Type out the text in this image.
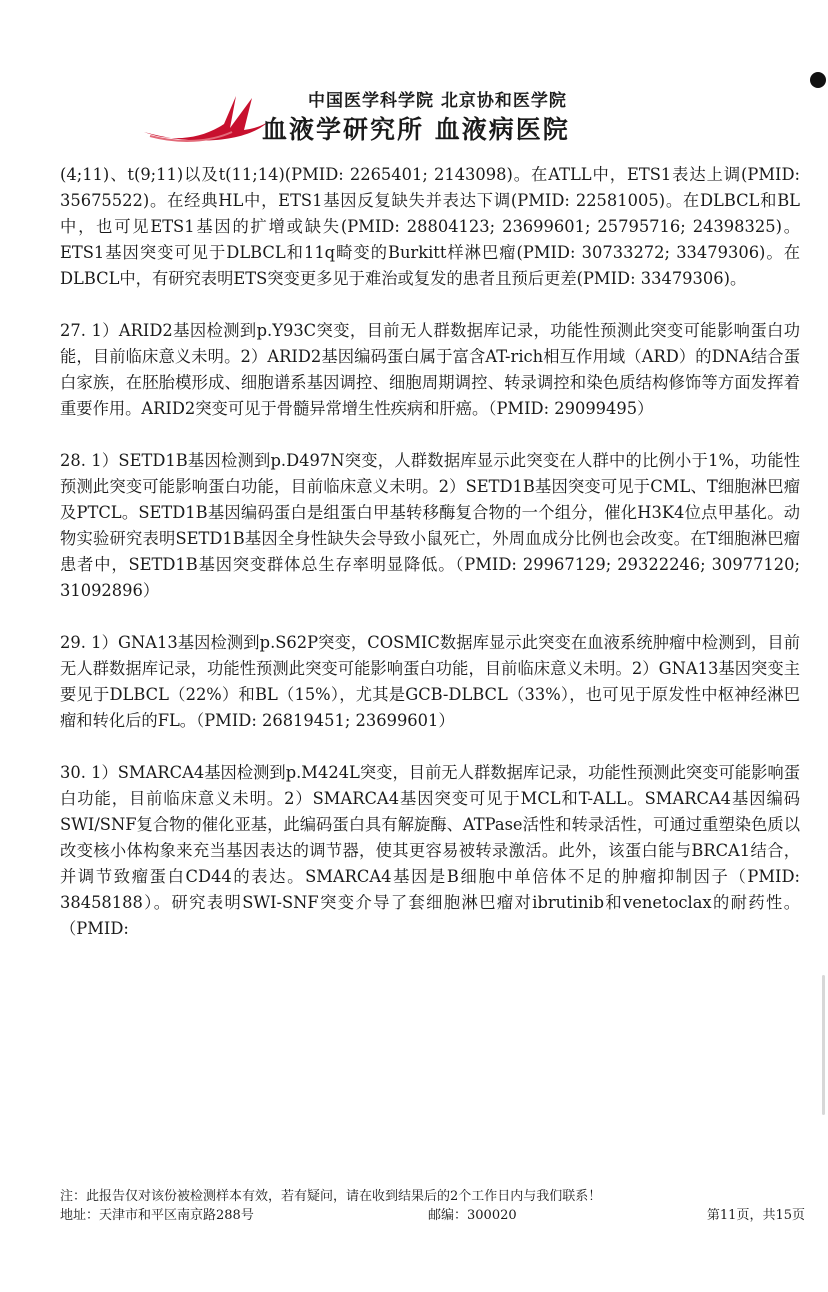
中国医学科学院 北京协和医学院
血液学研究所 血液病医院

(4;11)、t(9;11)以及t(11;14)(PMID: 2265401; 2143098)。在ATLL中，ETS1表达上调(PMID: 35675522)。在经典HL中，ETS1基因反复缺失并表达下调(PMID: 22581005)。在DLBCL和BL中，也可见ETS1基因的扩增或缺失(PMID: 28804123; 23699601; 25795716; 24398325)。ETS1基因突变可见于DLBCL和11q畸变的Burkitt样淋巴瘤(PMID: 30733272; 33479306)。在DLBCL中，有研究表明ETS突变更多见于难治或复发的患者且预后更差(PMID: 33479306)。

27. 1）ARID2基因检测到p.Y93C突变，目前无人群数据库记录，功能性预测此突变可能影响蛋白功能，目前临床意义未明。2）ARID2基因编码蛋白属于富含AT-rich相互作用域（ARD）的DNA结合蛋白家族，在胚胎模形成、细胞谱系基因调控、细胞周期调控、转录调控和染色质结构修饰等方面发挥着重要作用。ARID2突变可见于骨髓异常增生性疾病和肝癌。（PMID: 29099495）

28. 1）SETD1B基因检测到p.D497N突变，人群数据库显示此突变在人群中的比例小于1%，功能性预测此突变可能影响蛋白功能，目前临床意义未明。2）SETD1B基因突变可见于CML、T细胞淋巴瘤及PTCL。SETD1B基因编码蛋白是组蛋白甲基转移酶复合物的一个组分，催化H3K4位点甲基化。动物实验研究表明SETD1B基因全身性缺失会导致小鼠死亡，外周血成分比例也会改变。在T细胞淋巴瘤患者中，SETD1B基因突变群体总生存率明显降低。（PMID: 29967129; 29322246; 30977120; 31092896）

29. 1）GNA13基因检测到p.S62P突变，COSMIC数据库显示此突变在血液系统肿瘤中检测到，目前无人群数据库记录，功能性预测此突变可能影响蛋白功能，目前临床意义未明。2）GNA13基因突变主要见于DLBCL（22%）和BL（15%），尤其是GCB-DLBCL（33%），也可见于原发性中枢神经淋巴瘤和转化后的FL。（PMID: 26819451; 23699601）

30. 1）SMARCA4基因检测到p.M424L突变，目前无人群数据库记录，功能性预测此突变可能影响蛋白功能，目前临床意义未明。2）SMARCA4基因突变可见于MCL和T-ALL。SMARCA4基因编码SWI/SNF复合物的催化亚基，此编码蛋白具有解旋酶、ATPase活性和转录活性，可通过重塑染色质以改变核小体构象来充当基因表达的调节器，使其更容易被转录激活。此外，该蛋白能与BRCA1结合，并调节致瘤蛋白CD44的表达。SMARCA4基因是B细胞中单倍体不足的肿瘤抑制因子（PMID: 38458188）。研究表明SWI-SNF突变介导了套细胞淋巴瘤对ibrutinib和venetoclax的耐药性。（PMID:

注：此报告仅对该份被检测样本有效，若有疑问，请在收到结果后的2个工作日内与我们联系！
地址：天津市和平区南京路288号	邮编：300020	第11页，共15页
